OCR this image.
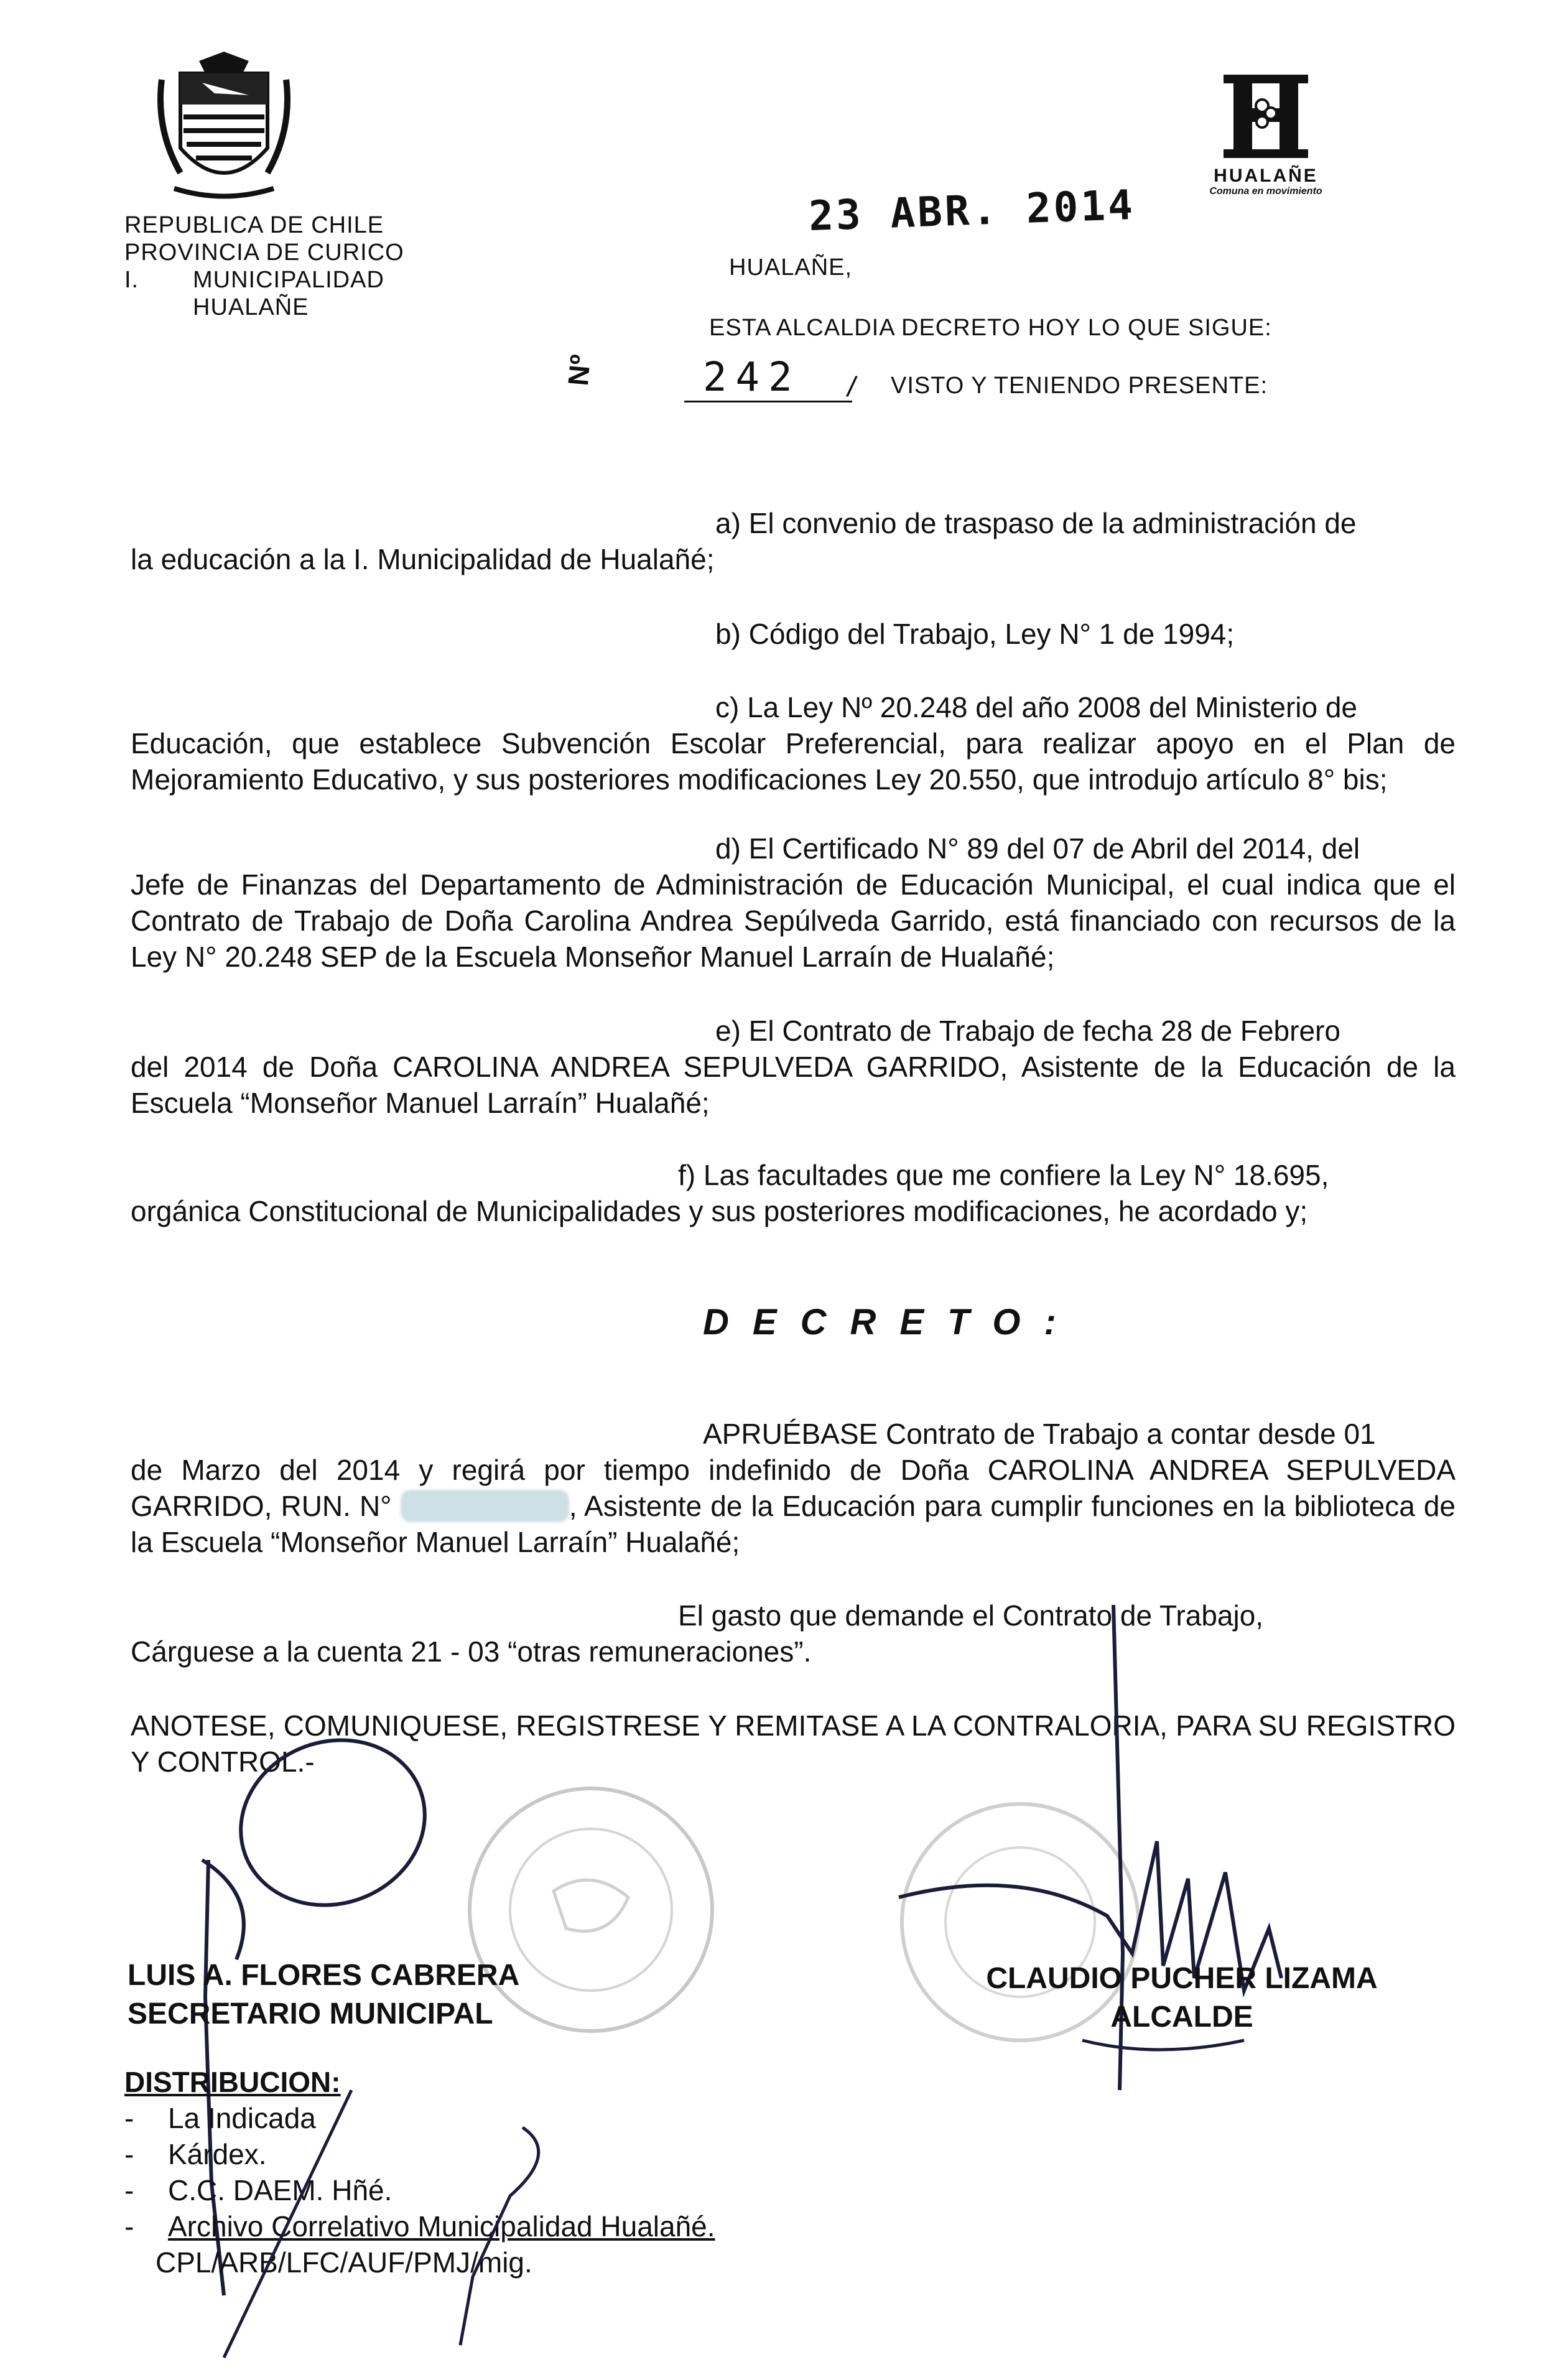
REPUBLICA DE CHILE
PROVINCIA DE CURICO
I.	MUNICIPALIDAD
HUALAÑE
HUALAÑE
Comuna en movimiento
23 ABR. 2014
HUALAÑE,
ESTA ALCALDIA DECRETO HOY LO QUE SIGUE:
Nº	242 / VISTO Y TENIENDO PRESENTE:
a) El convenio de traspaso de la administración de
la educación a la I. Municipalidad de Hualañé;
b) Código del Trabajo, Ley N° 1 de 1994;
c) La Ley Nº 20.248 del año 2008 del Ministerio de
Educación, que establece Subvención Escolar Preferencial, para realizar apoyo en el Plan de Mejoramiento Educativo, y sus posteriores modificaciones Ley 20.550, que introdujo artículo 8° bis;
d) El Certificado N° 89 del 07 de Abril del 2014, del
Jefe de Finanzas del Departamento de Administración de Educación Municipal, el cual indica que el Contrato de Trabajo de Doña Carolina Andrea Sepúlveda Garrido, está financiado con recursos de la Ley N° 20.248 SEP de la Escuela Monseñor Manuel Larraín de Hualañé;
e) El Contrato de Trabajo de fecha 28 de Febrero
del 2014 de Doña CAROLINA ANDREA SEPULVEDA GARRIDO, Asistente de la Educación de la Escuela “Monseñor Manuel Larraín” Hualañé;
f) Las facultades que me confiere la Ley N° 18.695,
orgánica Constitucional de Municipalidades y sus posteriores modificaciones, he acordado y;
DECRETO:
APRUÉBASE Contrato de Trabajo a contar desde 01
de Marzo del 2014 y regirá por tiempo indefinido de Doña CAROLINA ANDREA SEPULVEDA GARRIDO, RUN. N°	, Asistente de la Educación para cumplir funciones en la biblioteca de la Escuela “Monseñor Manuel Larraín” Hualañé;
El gasto que demande el Contrato de Trabajo,
Cárguese a la cuenta 21 - 03 “otras remuneraciones”.
ANOTESE, COMUNIQUESE, REGISTRESE Y REMITASE A LA CONTRALORIA, PARA SU REGISTRO Y CONTROL.-
LUIS A. FLORES CABRERA
SECRETARIO MUNICIPAL
CLAUDIO PUCHER LIZAMA
ALCALDE
DISTRIBUCION:
-	La Indicada
-	Kárdex.
-	C.C. DAEM. Hñé.
-	Archivo Correlativo Municipalidad Hualañé.
CPL/ARB/LFC/AUF/PMJ/mig.
